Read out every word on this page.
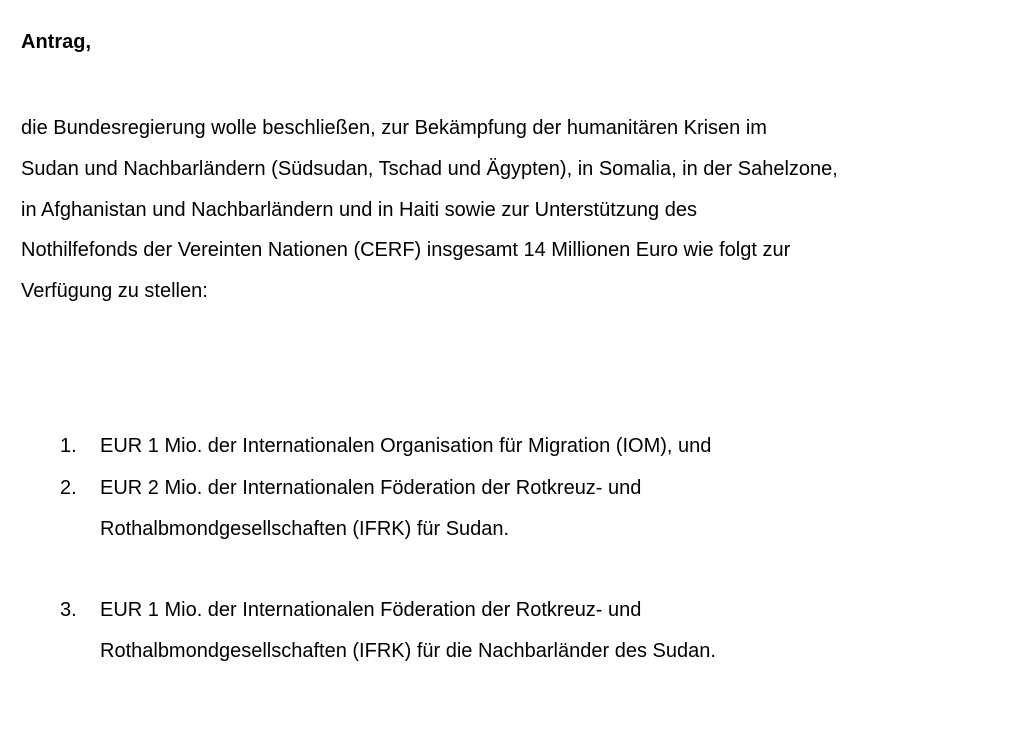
Antrag,

die Bundesregierung wolle beschließen, zur Bekämpfung der humanitären Krisen im
Sudan und Nachbarländern (Südsudan, Tschad und Ägypten), in Somalia, in der Sahelzone,
in Afghanistan und Nachbarländern und in Haiti sowie zur Unterstützung des
Nothilfefonds der Vereinten Nationen (CERF) insgesamt 14 Millionen Euro wie folgt zur
Verfügung zu stellen:

1. EUR 1 Mio. der Internationalen Organisation für Migration (IOM), und
2. EUR 2 Mio. der Internationalen Föderation der Rotkreuz- und
Rothalbmondgesellschaften (IFRK) für Sudan.
3. EUR 1 Mio. der Internationalen Föderation der Rotkreuz- und
Rothalbmondgesellschaften (IFRK) für die Nachbarländer des Sudan.
